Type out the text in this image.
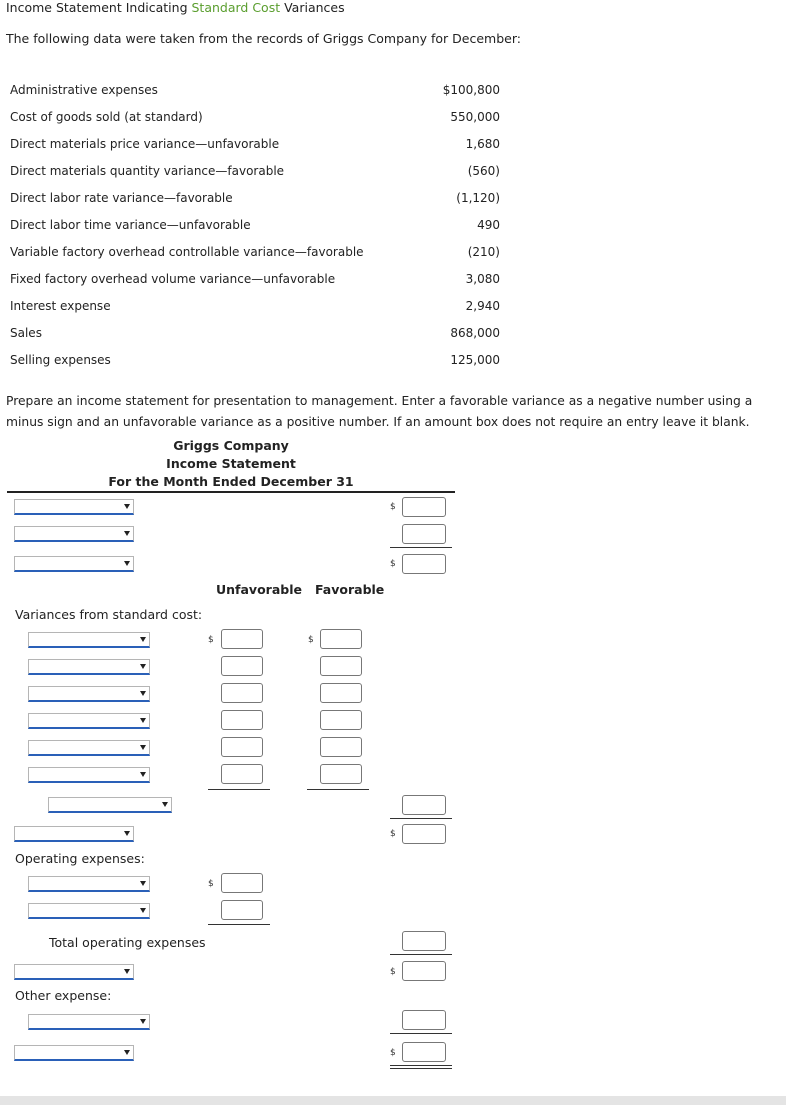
Income Statement Indicating Standard Cost Variances
The following data were taken from the records of Griggs Company for December:
Administrative expenses	$100,800
Cost of goods sold (at standard)	550,000
Direct materials price variance—unfavorable	1,680
Direct materials quantity variance—favorable	(560)
Direct labor rate variance—favorable	(1,120)
Direct labor time variance—unfavorable	490
Variable factory overhead controllable variance—favorable	(210)
Fixed factory overhead volume variance—unfavorable	3,080
Interest expense	2,940
Sales	868,000
Selling expenses	125,000
Prepare an income statement for presentation to management. Enter a favorable variance as a negative number using a minus sign and an unfavorable variance as a positive number. If an amount box does not require an entry leave it blank.
Griggs Company
Income Statement
For the Month Ended December 31
$
$
Unfavorable Favorable
Variances from standard cost:
$	$
$
Operating expenses:
$
Total operating expenses
$
Other expense:
$
